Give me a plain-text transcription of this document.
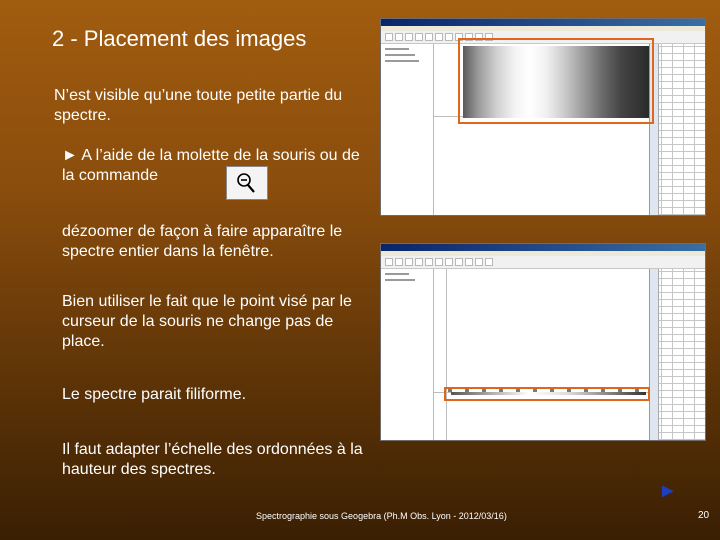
2 - Placement des images
N’est visible qu’une toute petite partie du spectre.
► A l’aide de la molette de la souris ou de la commande
dézoomer de façon à faire apparaître le spectre entier dans la fenêtre.
Bien utiliser le fait que le point visé par le curseur de la souris ne change pas de place.
Le spectre parait filiforme.
Il faut adapter l’échelle des ordonnées à la hauteur des spectres.
►
Spectrographie sous Geogebra (Ph.M Obs. Lyon - 2012/03/16)	20
